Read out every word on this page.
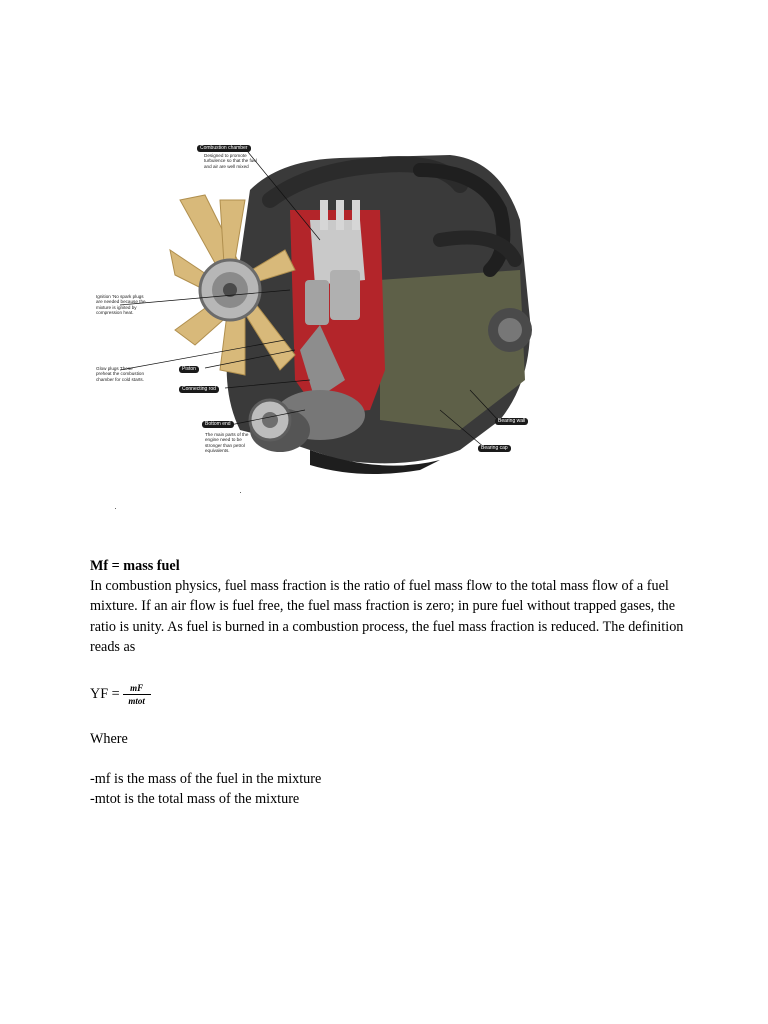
Combustion chamber
Designed to promote turbulence so that the fuel and air are well mixed
Ignition 'No spark plugs are needed because the mixture is ignited by compression heat.
Glow plugs These preheat the combustion chamber for cold starts.
Piston
Connecting rod
Bottom end
The main parts of the engine need to be stronger than petrol equivalents.
Bearing wall
Bearing cap

Mf = mass fuel

In combustion physics, fuel mass fraction is the ratio of fuel mass flow to the total mass flow of a fuel mixture. If an air flow is fuel free, the fuel mass fraction is zero; in pure fuel without trapped gases, the ratio is unity. As fuel is burned in a combustion process, the fuel mass fraction is reduced. The definition reads as

YF = $\frac{mF}{\text{mtot}}$

Where

-mf is the mass of the fuel in the mixture
-mtot is the total mass of the mixture
